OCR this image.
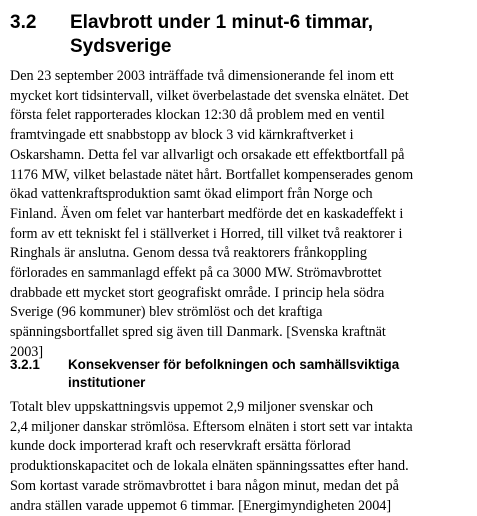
3.2 Elavbrott under 1 minut-6 timmar,
Sydsverige
Den 23 september 2003 inträffade två dimensionerande fel inom ett
mycket kort tidsintervall, vilket överbelastade det svenska elnätet. Det
första felet rapporterades klockan 12:30 då problem med en ventil
framtvingade ett snabbstopp av block 3 vid kärnkraftverket i
Oskarshamn. Detta fel var allvarligt och orsakade ett effektbortfall på
1176 MW, vilket belastade nätet hårt. Bortfallet kompenserades genom
ökad vattenkraftsproduktion samt ökad elimport från Norge och
Finland. Även om felet var hanterbart medförde det en kaskadeffekt i
form av ett tekniskt fel i ställverket i Horred, till vilket två reaktorer i
Ringhals är anslutna. Genom dessa två reaktorers frånkoppling
förlorades en sammanlagd effekt på ca 3000 MW. Strömavbrottet
drabbade ett mycket stort geografiskt område. I princip hela södra
Sverige (96 kommuner) blev strömlöst och det kraftiga
spänningsbortfallet spred sig även till Danmark. [Svenska kraftnät
2003]
3.2.1 Konsekvenser för befolkningen och samhällsviktiga
institutioner
Totalt blev uppskattningsvis uppemot 2,9 miljoner svenskar och
2,4 miljoner danskar strömlösa. Eftersom elnäten i stort sett var intakta
kunde dock importerad kraft och reservkraft ersätta förlorad
produktionskapacitet och de lokala elnäten spänningssattes efter hand.
Som kortast varade strömavbrottet i bara någon minut, medan det på
andra ställen varade uppemot 6 timmar. [Energimyndigheten 2004]
